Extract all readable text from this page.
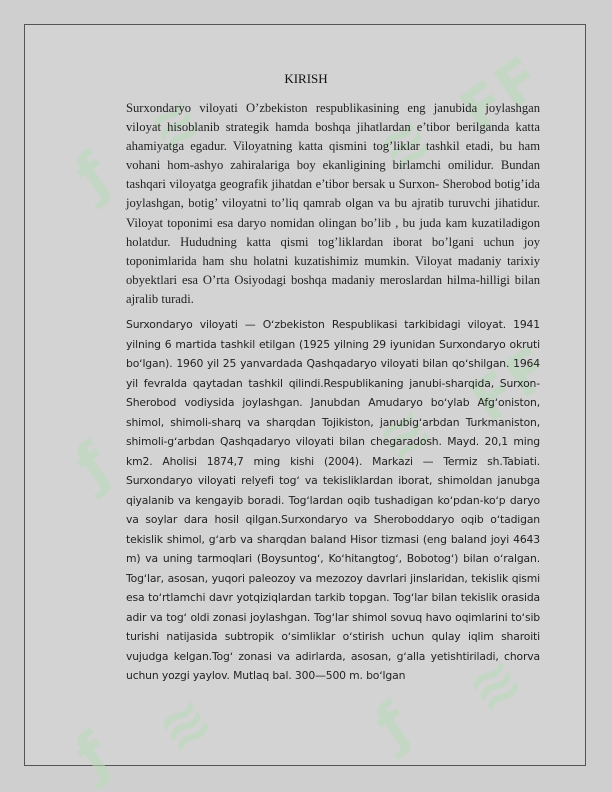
ƒ
≋	FF
≋
ƒ	≋ FF
ƒ ≋ ƒ ≋
KIRISH

Surxondaryo viloyati O’zbekiston respublikasining eng janubida joylashgan viloyat hisoblanib strategik hamda boshqa jihatlardan e’tibor berilganda katta ahamiyatga egadur. Viloyatning katta qismini tog’liklar tashkil etadi, bu ham vohani hom-ashyo zahiralariga boy ekanligining birlamchi omilidur. Bundan tashqari viloyatga geografik jihatdan e’tibor bersak u Surxon- Sherobod botig’ida joylashgan, botig’ viloyatni to’liq qamrab olgan va bu ajratib turuvchi jihatidur. Viloyat toponimi esa daryo nomidan olingan bo’lib , bu juda kam kuzatiladigon holatdur. Hududning katta qismi tog’liklardan iborat bo’lgani uchun joy toponimlarida ham shu holatni kuzatishimiz mumkin. Viloyat madaniy tarixiy obyektlari esa O’rta Osiyodagi boshqa madaniy meroslardan hilma-hilligi bilan ajralib turadi.

Surxondaryo viloyati — Oʻzbekiston Respublikasi tarkibidagi viloyat. 1941 yilning 6 martida tashkil etilgan (1925 yilning 29 iyunidan Surxondaryo okruti boʻlgan). 1960 yil 25 yanvardada Qashqadaryo viloyati bilan qoʻshilgan. 1964 yil fevralda qaytadan tashkil qilindi.Respublikaning janubi-sharqida, Surxon-Sherobod vodiysida joylashgan. Janubdan Amudaryo boʻylab Afgʻoniston, shimol, shimoli-sharq va sharqdan Tojikiston, janubigʻarbdan Turkmaniston, shimoli-gʻarbdan Qashqadaryo viloyati bilan chegaradosh. Mayd. 20,1 ming km2. Aholisi 1874,7 ming kishi (2004). Markazi — Termiz sh.Tabiati. Surxondaryo viloyati relyefi togʻ va tekisliklardan iborat, shimoldan janubga qiyalanib va kengayib boradi. Togʻlardan oqib tushadigan koʻpdan-koʻp daryo va soylar dara hosil qilgan.Surxondaryo va Sheroboddaryo oqib oʻtadigan tekislik shimol, gʻarb va sharqdan baland Hisor tizmasi (eng baland joyi 4643 m) va uning tarmoqlari (Boysuntogʻ, Koʻhitangtogʻ, Bobotogʻ) bilan oʻralgan. Togʻlar, asosan, yuqori paleozoy va mezozoy davrlari jinslaridan, tekislik qismi esa toʻrtlamchi davr yotqiziqlardan tarkib topgan. Togʻlar bilan tekislik orasida adir va togʻ oldi zonasi joylashgan. Togʻlar shimol sovuq havo oqimlarini toʻsib turishi natijasida subtropik oʻsimliklar oʻstirish uchun qulay iqlim sharoiti vujudga kelgan.Togʻ zonasi va adirlarda, asosan, gʻalla yetishtiriladi, chorva uchun yozgi yaylov. Mutlaq bal. 300—500 m. boʻlgan
